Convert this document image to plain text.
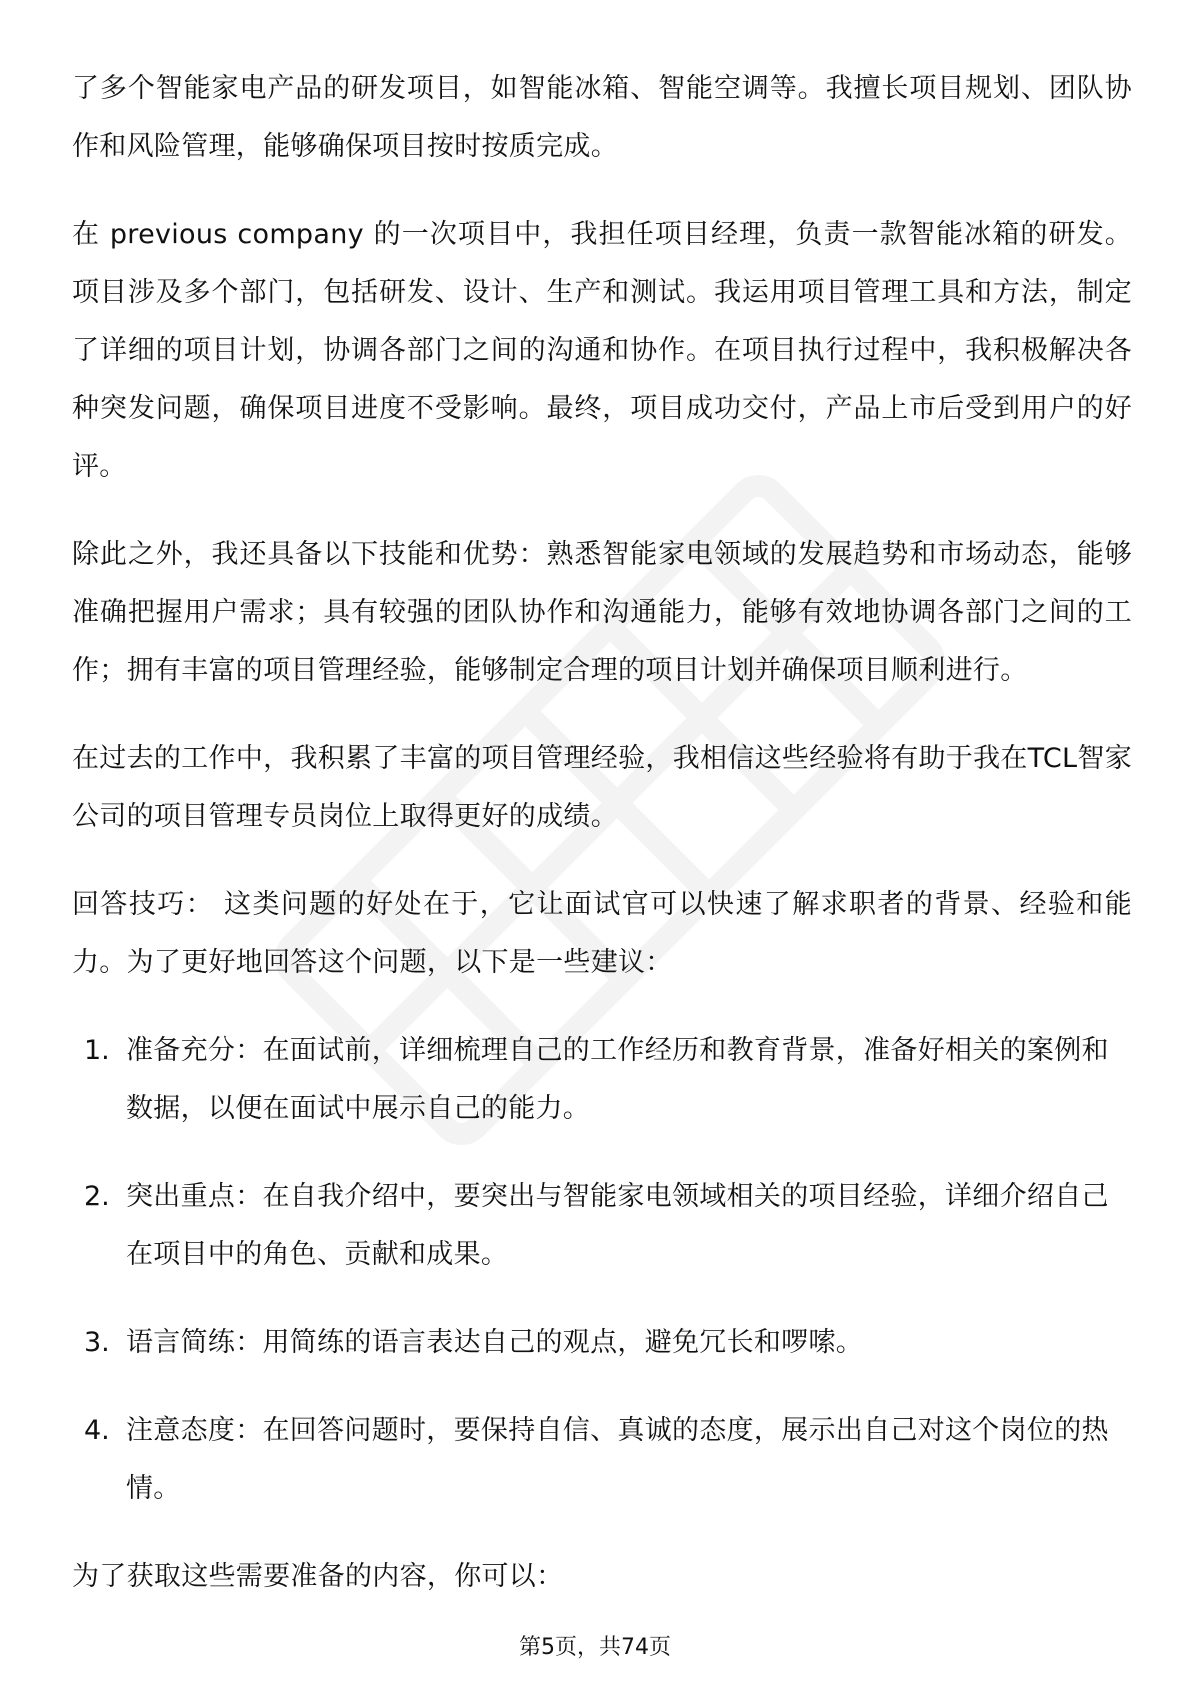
了多个智能家电产品的研发项目，如智能冰箱、智能空调等。我擅长项目规划、团队协作和风险管理，能够确保项目按时按质完成。

在 previous company 的一次项目中，我担任项目经理，负责一款智能冰箱的研发。项目涉及多个部门，包括研发、设计、生产和测试。我运用项目管理工具和方法，制定了详细的项目计划，协调各部门之间的沟通和协作。在项目执行过程中，我积极解决各种突发问题，确保项目进度不受影响。最终，项目成功交付，产品上市后受到用户的好评。

除此之外，我还具备以下技能和优势：熟悉智能家电领域的发展趋势和市场动态，能够准确把握用户需求；具有较强的团队协作和沟通能力，能够有效地协调各部门之间的工作；拥有丰富的项目管理经验，能够制定合理的项目计划并确保项目顺利进行。

在过去的工作中，我积累了丰富的项目管理经验，我相信这些经验将有助于我在TCL智家公司的项目管理专员岗位上取得更好的成绩。

回答技巧： 这类问题的好处在于，它让面试官可以快速了解求职者的背景、经验和能力。为了更好地回答这个问题，以下是一些建议：

1. 准备充分：在面试前，详细梳理自己的工作经历和教育背景，准备好相关的案例和数据，以便在面试中展示自己的能力。
2. 突出重点：在自我介绍中，要突出与智能家电领域相关的项目经验，详细介绍自己在项目中的角色、贡献和成果。
3. 语言简练：用简练的语言表达自己的观点，避免冗长和啰嗦。
4. 注意态度：在回答问题时，要保持自信、真诚的态度，展示出自己对这个岗位的热情。

为了获取这些需要准备的内容，你可以：

第5页，共74页
